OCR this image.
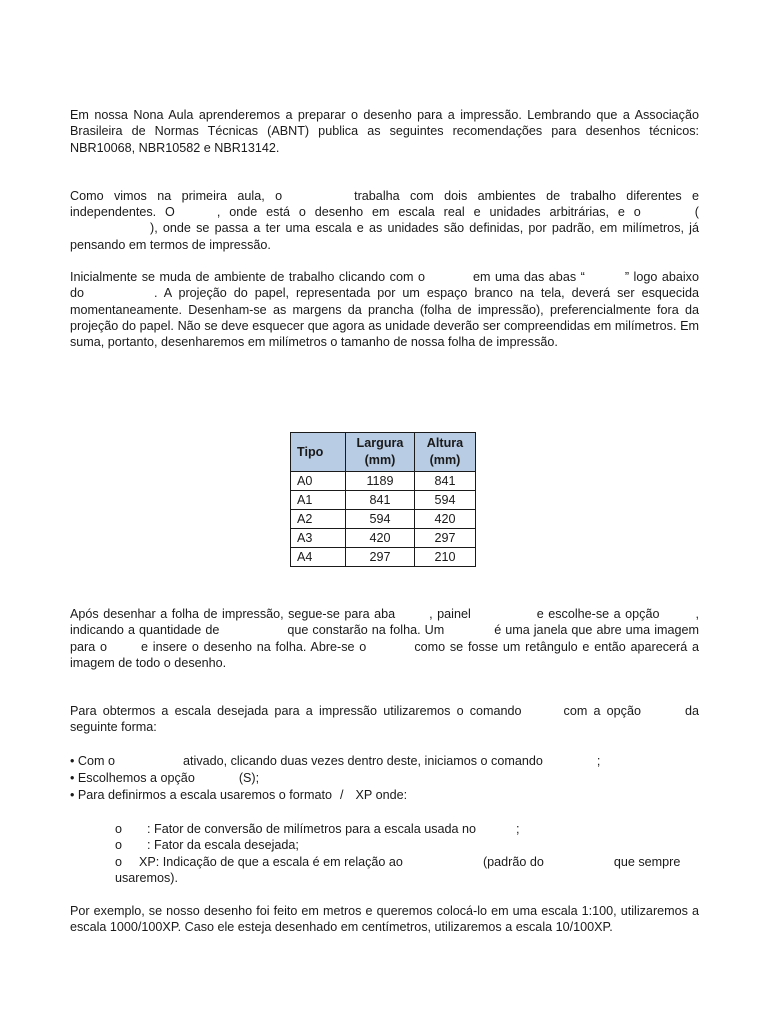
Em nossa Nona Aula aprenderemos a preparar o desenho para a impressão. Lembrando que a Associação Brasileira de Normas Técnicas (ABNT) publica as seguintes recomendações para desenhos técnicos: NBR10068, NBR10582 e NBR13142.

Como vimos na primeira aula, o	trabalha com dois ambientes de trabalho diferentes e independentes. O	, onde está o desenho em escala real e unidades arbitrárias, e o	(), onde se passa a ter uma escala e as unidades são definidas, por padrão, em milímetros, já pensando em termos de impressão.

Inicialmente se muda de ambiente de trabalho clicando com o	em uma das abas “	” logo abaixo do	. A projeção do papel, representada por um espaço branco na tela, deverá ser esquecida momentaneamente. Desenham-se as margens da prancha (folha de impressão), preferencialmente fora da projeção do papel. Não se deve esquecer que agora as unidade deverão ser compreendidas em milímetros. Em suma, portanto, desenharemos em milímetros o tamanho de nossa folha de impressão.

Tipo	Largura (mm)	Altura (mm)
A0	1189	841
A1	841	594
A2	594	420
A3	420	297
A4	297	210

Após desenhar a folha de impressão, segue-se para aba	, painel	e escolhe-se a opção	, indicando a quantidade de	que constarão na folha. Um	é uma janela que abre uma imagem para o	e insere o desenho na folha. Abre-se o	como se fosse um retângulo e então aparecerá a imagem de todo o desenho.

Para obtermos a escala desejada para a impressão utilizaremos o comando	com a opção	da seguinte forma:

• Com o	ativado, clicando duas vezes dentro deste, iniciamos o comando	;
• Escolhemos a opção	(S);
• Para definirmos a escala usaremos o formato / XP onde:
o : Fator de conversão de milímetros para a escala usada no	;
o : Fator da escala desejada;
o XP: Indicação de que a escala é em relação ao	(padrão do	que sempre
usaremos).

Por exemplo, se nosso desenho foi feito em metros e queremos colocá-lo em uma escala 1:100, utilizaremos a escala 1000/100XP. Caso ele esteja desenhado em centímetros, utilizaremos a escala 10/100XP.
